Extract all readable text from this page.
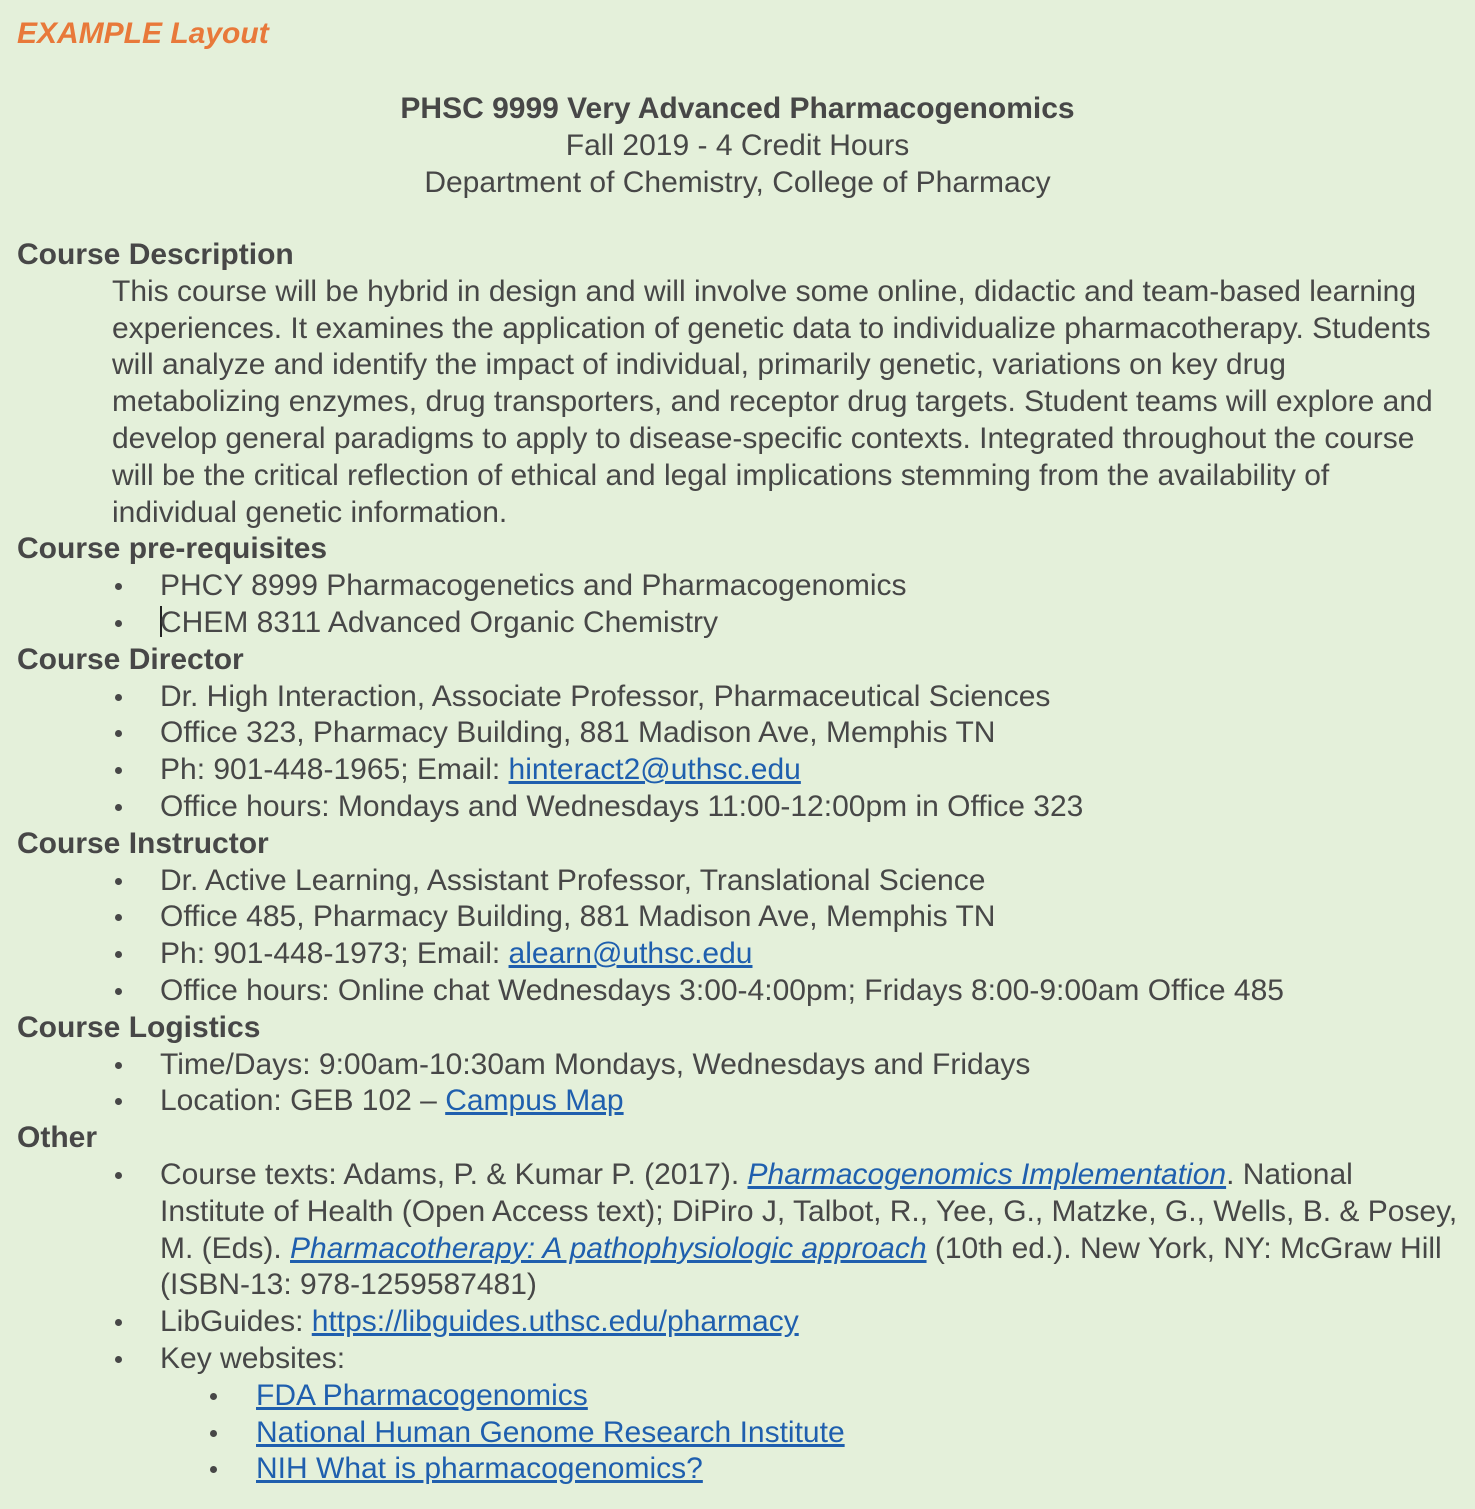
EXAMPLE Layout

PHSC 9999 Very Advanced Pharmacogenomics

Fall 2019 - 4 Credit Hours

Department of Chemistry, College of Pharmacy

Course Description

This course will be hybrid in design and will involve some online, didactic and team-based learning experiences. It examines the application of genetic data to individualize pharmacotherapy. Students will analyze and identify the impact of individual, primarily genetic, variations on key drug metabolizing enzymes, drug transporters, and receptor drug targets. Student teams will explore and develop general paradigms to apply to disease-specific contexts. Integrated throughout the course will be the critical reflection of ethical and legal implications stemming from the availability of individual genetic information.

Course pre-requisites
PHCY 8999 Pharmacogenetics and Pharmacogenomics
CHEM 8311 Advanced Organic Chemistry
Course Director
Dr. High Interaction, Associate Professor, Pharmaceutical Sciences
Office 323, Pharmacy Building, 881 Madison Ave, Memphis TN
Ph: 901-448-1965; Email: hinteract2@uthsc.edu
Office hours: Mondays and Wednesdays 11:00-12:00pm in Office 323
Course Instructor
Dr. Active Learning, Assistant Professor, Translational Science
Office 485, Pharmacy Building, 881 Madison Ave, Memphis TN
Ph: 901-448-1973; Email: alearn@uthsc.edu
Office hours: Online chat Wednesdays 3:00-4:00pm; Fridays 8:00-9:00am Office 485
Course Logistics
Time/Days: 9:00am-10:30am Mondays, Wednesdays and Fridays
Location: GEB 102 – Campus Map
Other
Course texts: Adams, P. & Kumar P. (2017). Pharmacogenomics Implementation. National Institute of Health (Open Access text); DiPiro J, Talbot, R., Yee, G., Matzke, G., Wells, B. & Posey, M. (Eds). Pharmacotherapy: A pathophysiologic approach (10th ed.). New York, NY: McGraw Hill (ISBN-13: 978-1259587481)
LibGuides: https://libguides.uthsc.edu/pharmacy
Key websites:
FDA Pharmacogenomics
National Human Genome Research Institute
NIH What is pharmacogenomics?
